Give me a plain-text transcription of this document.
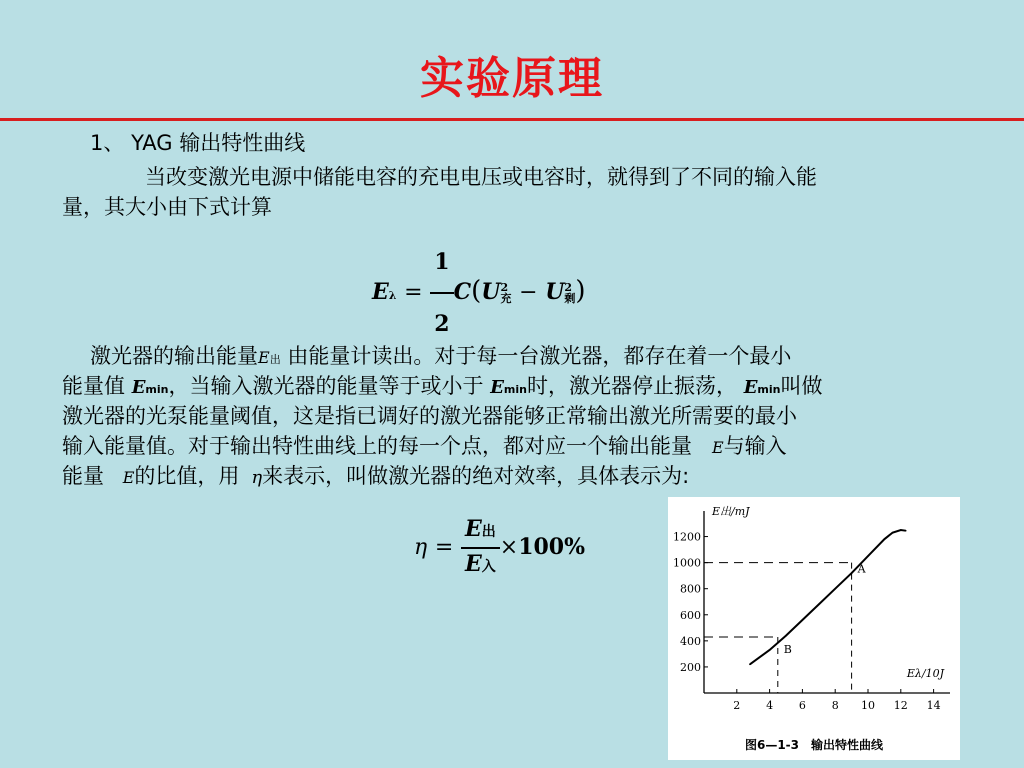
实验原理
1、 YAG 输出特性曲线
当改变激光电源中储能电容的充电电压或电容时，就得到了不同的输入能
量，其大小由下式计算
$E\lambda = \frac{1}{2} C(U2$
充 − U2
剩)
激光器的输出能量E出 由能量计读出。对于每一台激光器，都存在着一个最小
能量值 Emin，当输入激光器的能量等于或小于 Emin时，激光器停止振荡， Emin叫做
激光器的光泵能量阈值，这是指已调好的激光器能够正常输出激光所需要的最小
输入能量值。对于输出特性曲线上的每一个点，都对应一个输出能量 E与输入
能量 E的比值，用 η来表示，叫做激光器的绝对效率，具体表示为:
$\eta = \frac{\text{E出}}{\text{E入}} \times 100\%$
2 4 6 8 10 12 14
200
400
600
800
1000
1200
E出/mJ
Eλ/10J
A
B
图6—1-3　输出特性曲线
